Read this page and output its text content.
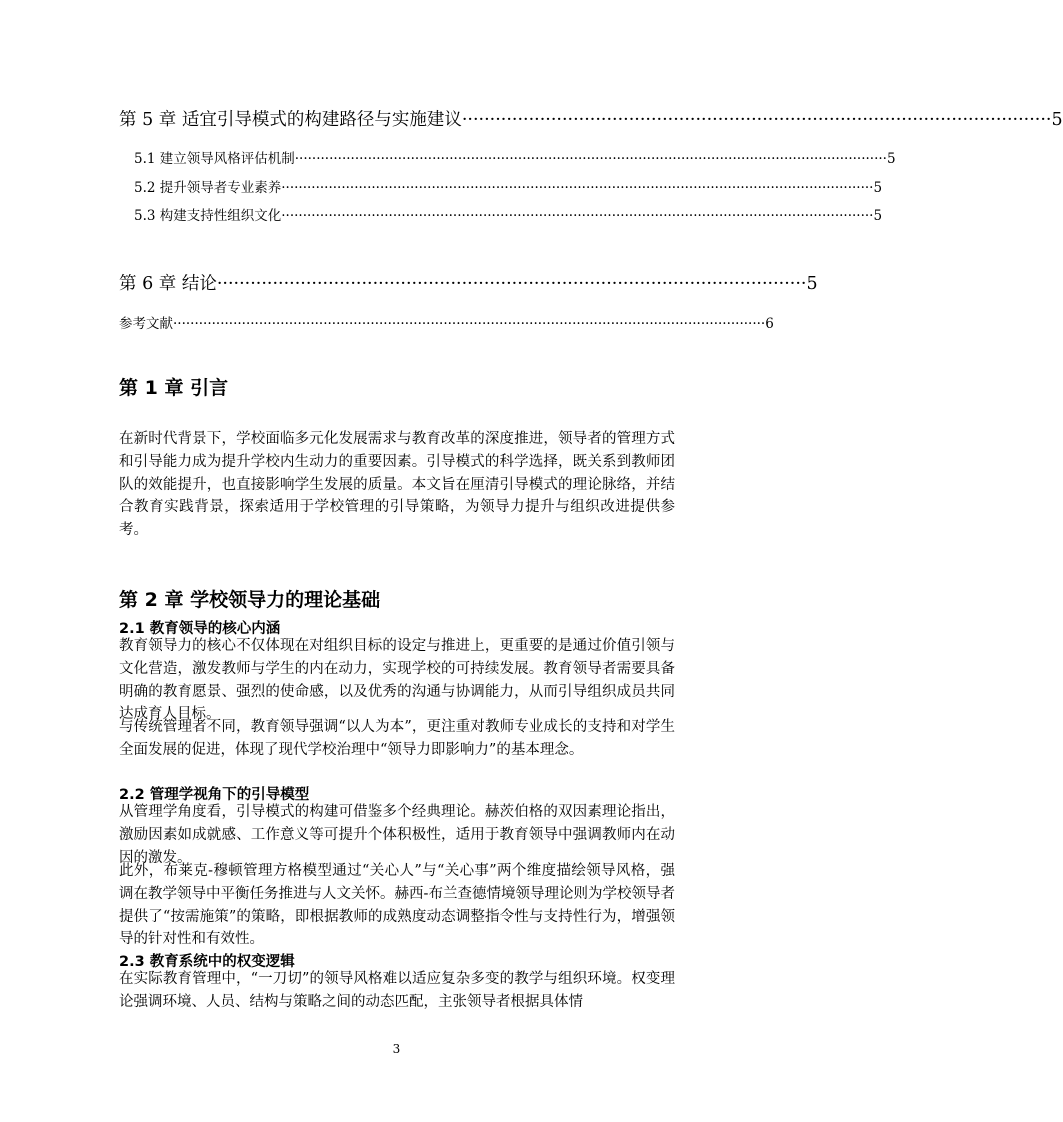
第 5 章 适宜引导模式的构建路径与实施建议 ·········································································································· 5
5.1 建立领导风格评估机制 ·········································································································································· 5
5.2 提升领导者专业素养 ·········································································································································· 5
5.3 构建支持性组织文化 ·········································································································································· 5
第 6 章 结论 ·········································································································· 5
参考文献 ·········································································································································· 6
第 1 章 引言
在新时代背景下，学校面临多元化发展需求与教育改革的深度推进，领导者的管理方式和引导能力成为提升学校内生动力的重要因素。引导模式的科学选择，既关系到教师团队的效能提升，也直接影响学生发展的质量。本文旨在厘清引导模式的理论脉络，并结合教育实践背景，探索适用于学校管理的引导策略，为领导力提升与组织改进提供参考。
第 2 章 学校领导力的理论基础
2.1 教育领导的核心内涵
教育领导力的核心不仅体现在对组织目标的设定与推进上，更重要的是通过价值引领与文化营造，激发教师与学生的内在动力，实现学校的可持续发展。教育领导者需要具备明确的教育愿景、强烈的使命感，以及优秀的沟通与协调能力，从而引导组织成员共同达成育人目标。
与传统管理者不同，教育领导强调“以人为本”，更注重对教师专业成长的支持和对学生全面发展的促进，体现了现代学校治理中“领导力即影响力”的基本理念。
2.2 管理学视角下的引导模型
从管理学角度看，引导模式的构建可借鉴多个经典理论。赫茨伯格的双因素理论指出，激励因素如成就感、工作意义等可提升个体积极性，适用于教育领导中强调教师内在动因的激发。
此外，布莱克-穆顿管理方格模型通过“关心人”与“关心事”两个维度描绘领导风格，强调在教学领导中平衡任务推进与人文关怀。赫西-布兰查德情境领导理论则为学校领导者提供了“按需施策”的策略，即根据教师的成熟度动态调整指令性与支持性行为，增强领导的针对性和有效性。
2.3 教育系统中的权变逻辑
在实际教育管理中，“一刀切”的领导风格难以适应复杂多变的教学与组织环境。权变理论强调环境、人员、结构与策略之间的动态匹配，主张领导者根据具体情
3
